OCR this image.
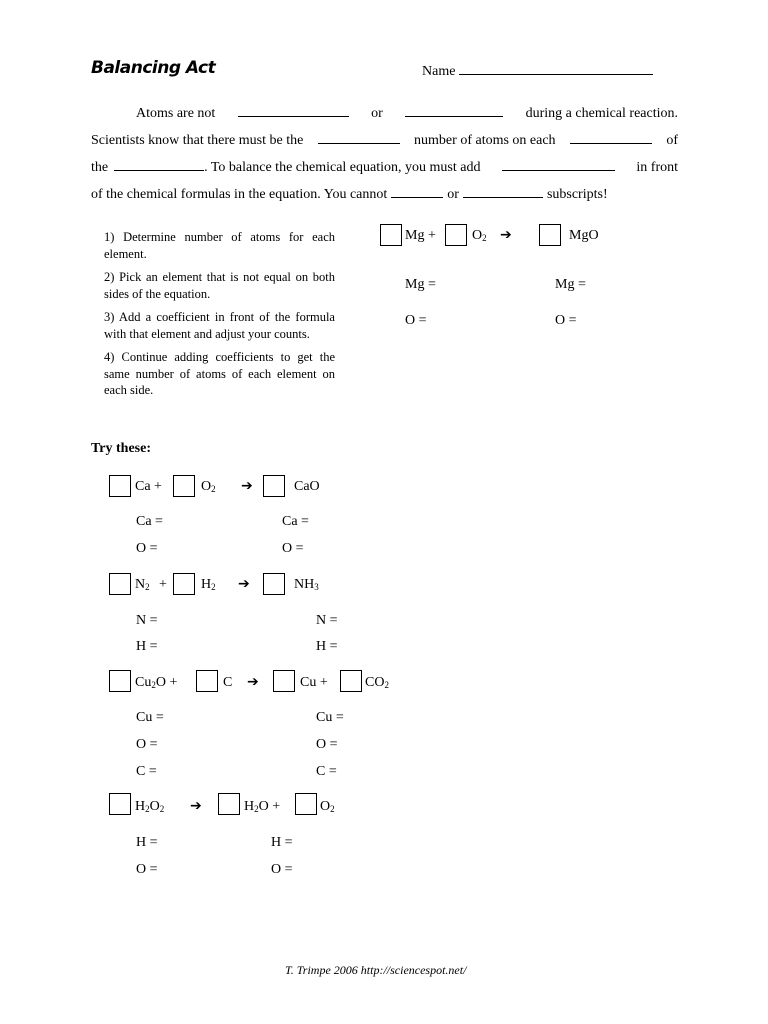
Balancing Act	Name
Atoms are not	or	during a chemical reaction.
Scientists know that there must be the	number of atoms on each	of
the	. To balance the chemical equation, you must add	in front
of the chemical formulas in the equation. You cannot	or	subscripts!
1) Determine number of atoms for each element.
2) Pick an element that is not equal on both sides of the equation.
3) Add a coefficient in front of the formula with that element and adjust your counts.
4) Continue adding coefficients to get the same number of atoms of each element on each side.
Mg +	$O_2$ ➔	MgO
Mg =	Mg =
O =	O =
Try these:
Ca +	$O_2$ ➔	CaO
Ca =	Ca =
O =	O =
$N_2 + H_2$ ➔	$NH_3$
N =	N =
H =	H =
$Cu_2O$ +	C ➔	Cu +	$CO_2$
Cu =	Cu =
O =	O =
C =	C =
$H_2O_2$ ➔	$H_2O$ +	$O_2$
H =	H =
O =	O =
T. Trimpe 2006 http://sciencespot.net/
